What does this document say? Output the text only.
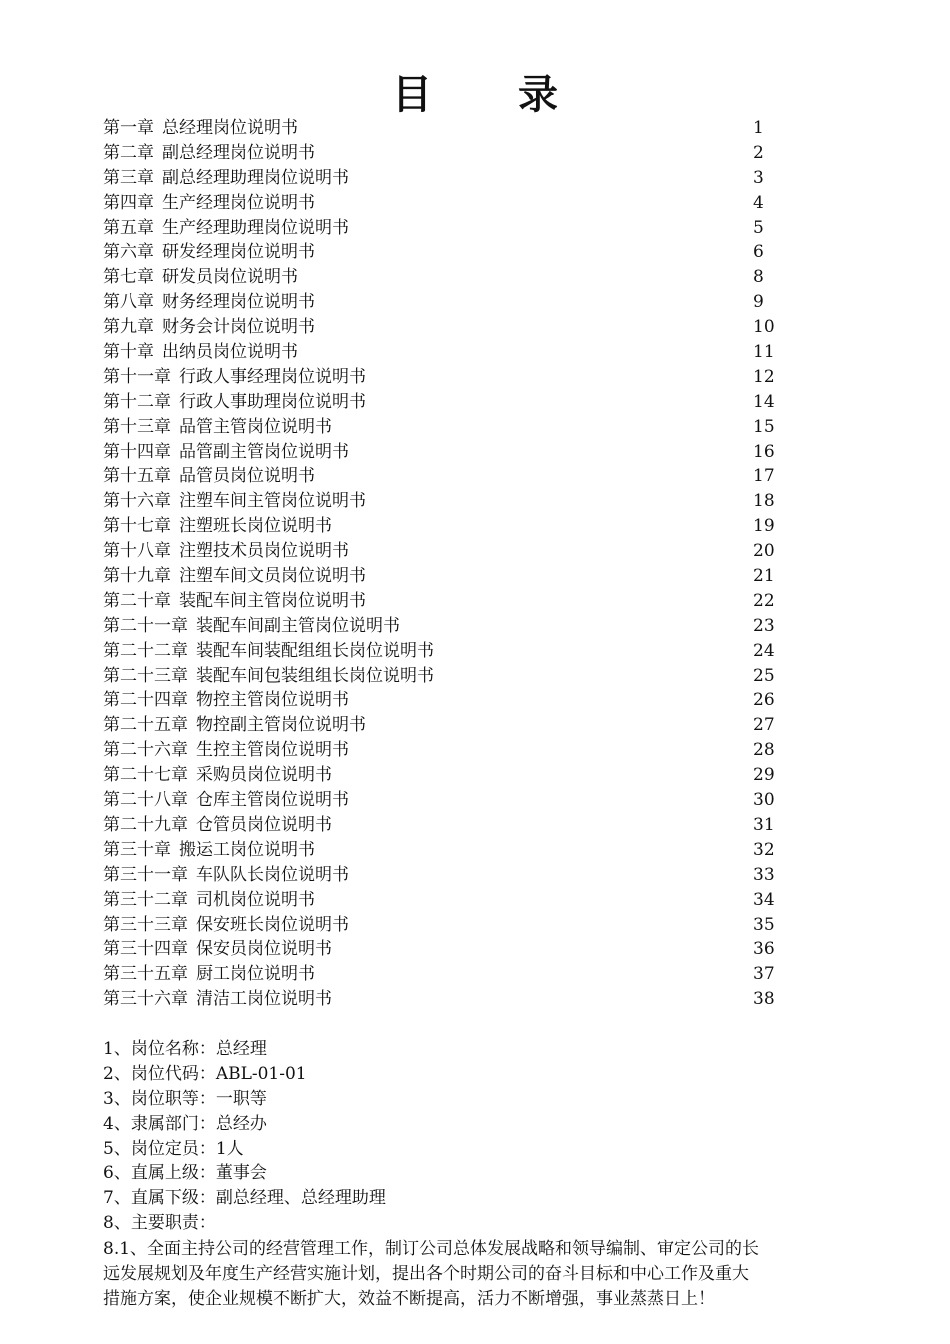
目 录
第一章 总经理岗位说明书	1
第二章 副总经理岗位说明书	2
第三章 副总经理助理岗位说明书	3
第四章 生产经理岗位说明书	4
第五章 生产经理助理岗位说明书	5
第六章 研发经理岗位说明书	6
第七章 研发员岗位说明书	8
第八章 财务经理岗位说明书	9
第九章 财务会计岗位说明书	10
第十章 出纳员岗位说明书	11
第十一章 行政人事经理岗位说明书	12
第十二章 行政人事助理岗位说明书	14
第十三章 品管主管岗位说明书	15
第十四章 品管副主管岗位说明书	16
第十五章 品管员岗位说明书	17
第十六章 注塑车间主管岗位说明书	18
第十七章 注塑班长岗位说明书	19
第十八章 注塑技术员岗位说明书	20
第十九章 注塑车间文员岗位说明书	21
第二十章 装配车间主管岗位说明书	22
第二十一章 装配车间副主管岗位说明书	23
第二十二章 装配车间装配组组长岗位说明书	24
第二十三章 装配车间包装组组长岗位说明书	25
第二十四章 物控主管岗位说明书	26
第二十五章 物控副主管岗位说明书	27
第二十六章 生控主管岗位说明书	28
第二十七章 采购员岗位说明书	29
第二十八章 仓库主管岗位说明书	30
第二十九章 仓管员岗位说明书	31
第三十章 搬运工岗位说明书	32
第三十一章 车队队长岗位说明书	33
第三十二章 司机岗位说明书	34
第三十三章 保安班长岗位说明书	35
第三十四章 保安员岗位说明书	36
第三十五章 厨工岗位说明书	37
第三十六章 清洁工岗位说明书	38
1、岗位名称：总经理
2、岗位代码：ABL-01-01
3、岗位职等：一职等
4、隶属部门：总经办
5、岗位定员：1人
6、直属上级：董事会
7、直属下级：副总经理、总经理助理
8、主要职责：
8.1、全面主持公司的经营管理工作，制订公司总体发展战略和领导编制、审定公司的长
远发展规划及年度生产经营实施计划，提出各个时期公司的奋斗目标和中心工作及重大
措施方案，使企业规模不断扩大，效益不断提高，活力不断增强，事业蒸蒸日上！
